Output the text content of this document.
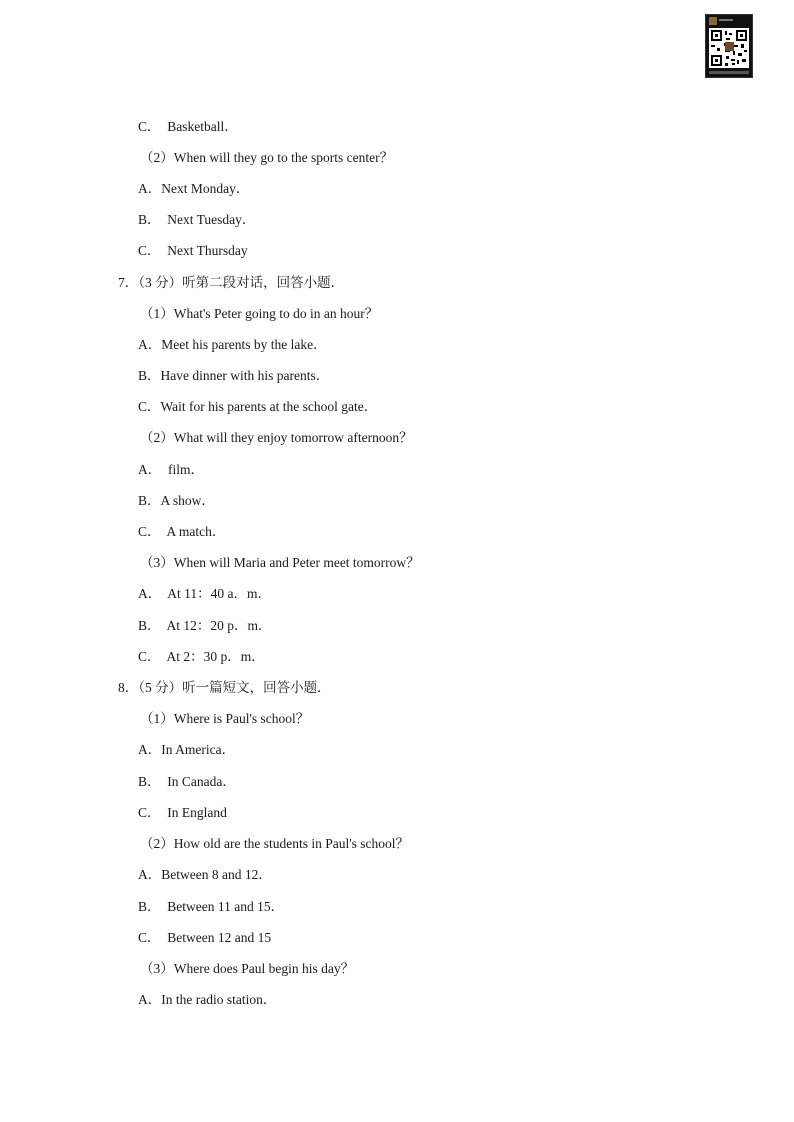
C．  Basketball．
（2）When will they go to the sports center？
A．Next Monday．
B．  Next Tuesday．
C．  Next Thursday
7．（3 分）听第二段对话，回答小题．
（1）What's Peter going to do in an hour？
A．Meet his parents by the lake．
B．Have dinner with his parents．
C．Wait for his parents at the school gate．
（2）What will they enjoy tomorrow afternoon？
A．  film．
B．A show．
C．  A match．
（3）When will Maria and Peter meet tomorrow？
A．  At 11：40 a．m．
B．  At 12：20 p．m．
C．  At 2：30 p．m．
8．（5 分）听一篇短文，回答小题．
（1）Where is Paul's school？
A．In America．
B．  In Canada．
C．  In England
（2）How old are the students in Paul's school？
A．Between 8 and 12．
B．  Between 11 and 15．
C．  Between 12 and 15
（3）Where does Paul begin his day？
A．In the radio station．
